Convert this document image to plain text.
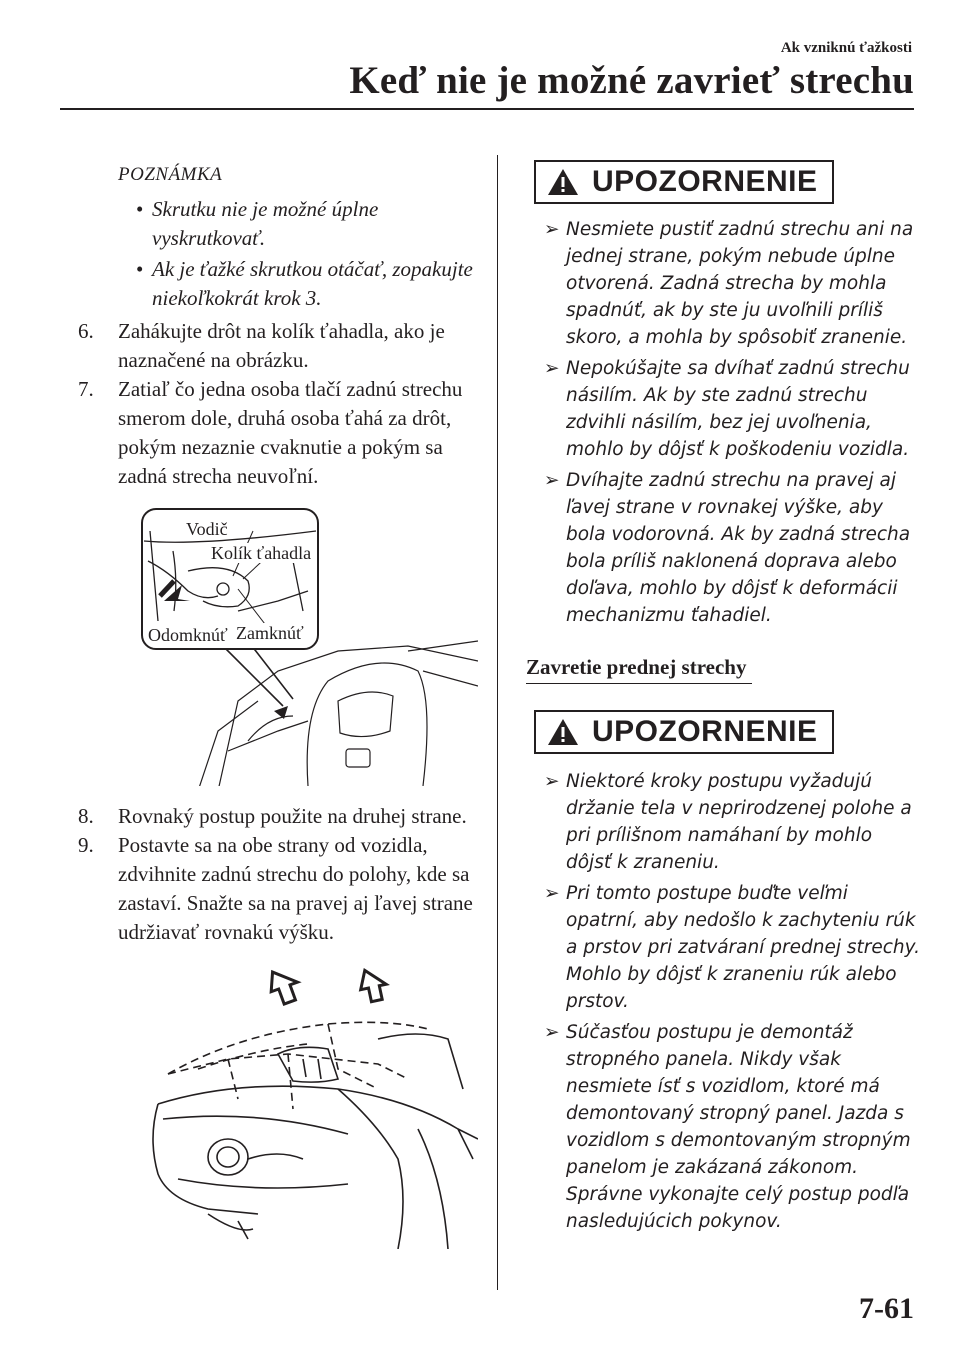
Ak vzniknú ťažkosti
Keď nie je možné zavrieť strechu
POZNÁMKA
• Skrutku nie je možné úplne vyskrutkovať.
• Ak je ťažké skrutkou otáčať, zopakujte niekoľkokrát krok 3.
6. Zahákujte drôt na kolík ťahadla, ako je naznačené na obrázku.
7. Zatiaľ čo jedna osoba tlačí zadnú strechu smerom dole, druhá osoba ťahá za drôt, pokým nezaznie cvaknutie a pokým sa zadná strecha neuvoľní.
Vodič
Kolík ťahadla
Odomknúť Zamknúť
8. Rovnaký postup použite na druhej strane.
9. Postavte sa na obe strany od vozidla, zdvihnite zadnú strechu do polohy, kde sa zastaví. Snažte sa na pravej aj ľavej strane udržiavať rovnakú výšku.
UPOZORNENIE
➢ Nesmiete pustiť zadnú strechu ani na jednej strane, pokým nebude úplne otvorená. Zadná strecha by mohla spadnúť, ak by ste ju uvoľnili príliš skoro, a mohla by spôsobiť zranenie.
➢ Nepokúšajte sa dvíhať zadnú strechu násilím. Ak by ste zadnú strechu zdvihli násilím, bez jej uvoľnenia, mohlo by dôjsť k poškodeniu vozidla.
➢ Dvíhajte zadnú strechu na pravej aj ľavej strane v rovnakej výške, aby bola vodorovná. Ak by zadná strecha bola príliš naklonená doprava alebo doľava, mohlo by dôjsť k deformácii mechanizmu ťahadiel.
Zavretie prednej strechy
UPOZORNENIE
➢ Niektoré kroky postupu vyžadujú držanie tela v neprirodzenej polohe a pri prílišnom namáhaní by mohlo dôjsť k zraneniu.
➢ Pri tomto postupe buďte veľmi opatrní, aby nedošlo k zachyteniu rúk a prstov pri zatváraní prednej strechy. Mohlo by dôjsť k zraneniu rúk alebo prstov.
➢ Súčasťou postupu je demontáž stropného panela. Nikdy však nesmiete ísť s vozidlom, ktoré má demontovaný stropný panel. Jazda s vozidlom s demontovaným stropným panelom je zakázaná zákonom. Správne vykonajte celý postup podľa nasledujúcich pokynov.
7-61
